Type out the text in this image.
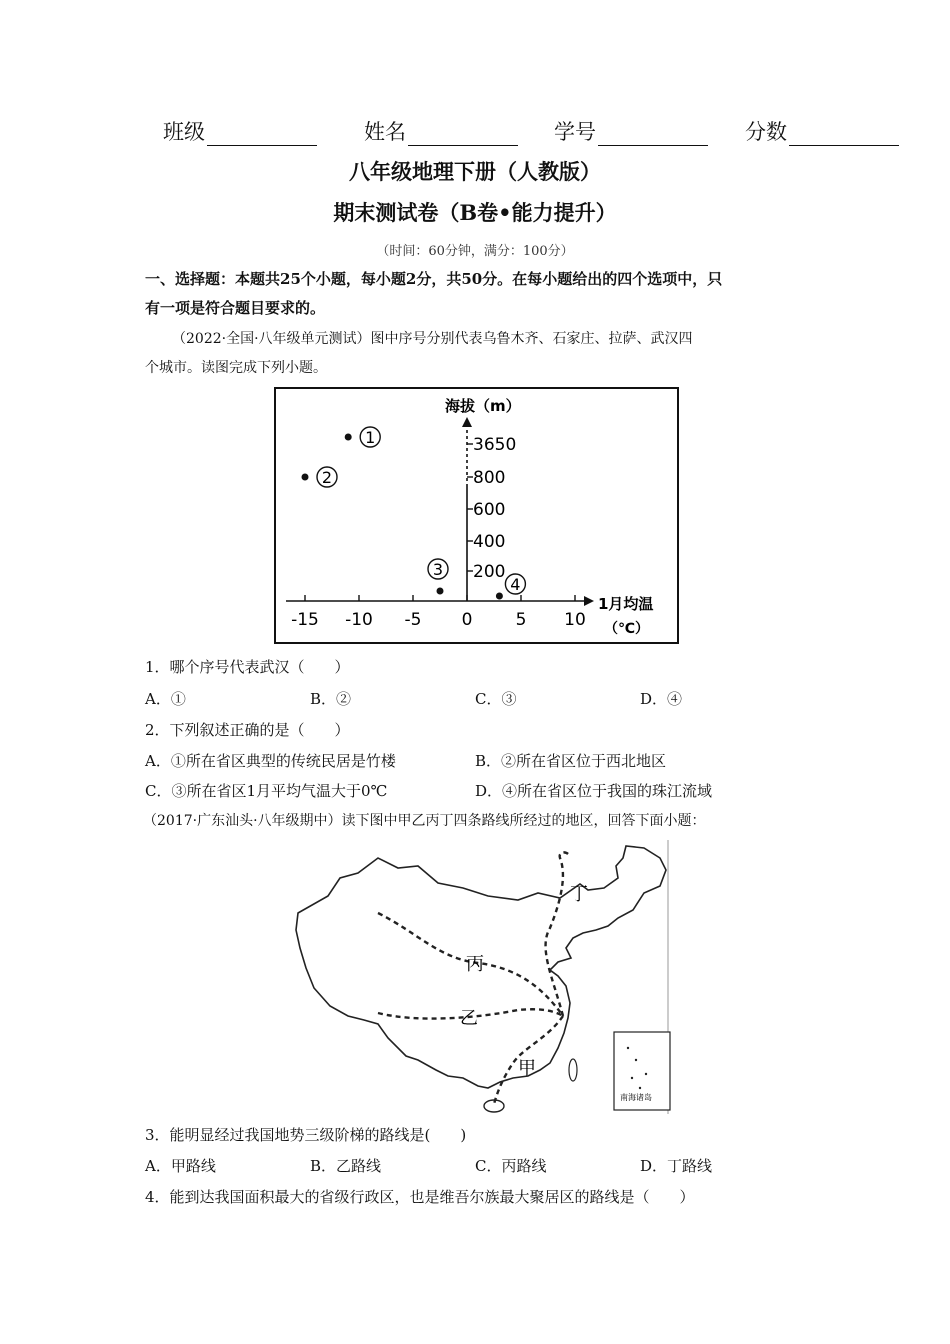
班级	姓名	学号	分数
八年级地理下册（人教版）
期末测试卷（B卷•能力提升）
（时间：60分钟，满分：100分）
一、选择题：本题共25个小题，每小题2分，共50分。在每小题给出的四个选项中，只
有一项是符合题目要求的。
（2022·全国·八年级单元测试）图中序号分别代表乌鲁木齐、石家庄、拉萨、武汉四
个城市。读图完成下列小题。
海拔（m）
1月均温
（℃）
3650
800
600
400
200
-15 -10 -5 0	5 10
1
2
3
4
1．哪个序号代表武汉（　　）
A．①	B．②	C．③	D．④
2．下列叙述正确的是（　　）
A．①所在省区典型的传统民居是竹楼	B．②所在省区位于西北地区
C．③所在省区1月平均气温大于0℃	D．④所在省区位于我国的珠江流域
（2017·广东汕头·八年级期中）读下图中甲乙丙丁四条路线所经过的地区，回答下面小题：
南海诸岛
丁
丙
乙
甲
3．能明显经过我国地势三级阶梯的路线是(　　)
A．甲路线	B．乙路线	C．丙路线	D．丁路线
4．能到达我国面积最大的省级行政区，也是维吾尔族最大聚居区的路线是（　　）
